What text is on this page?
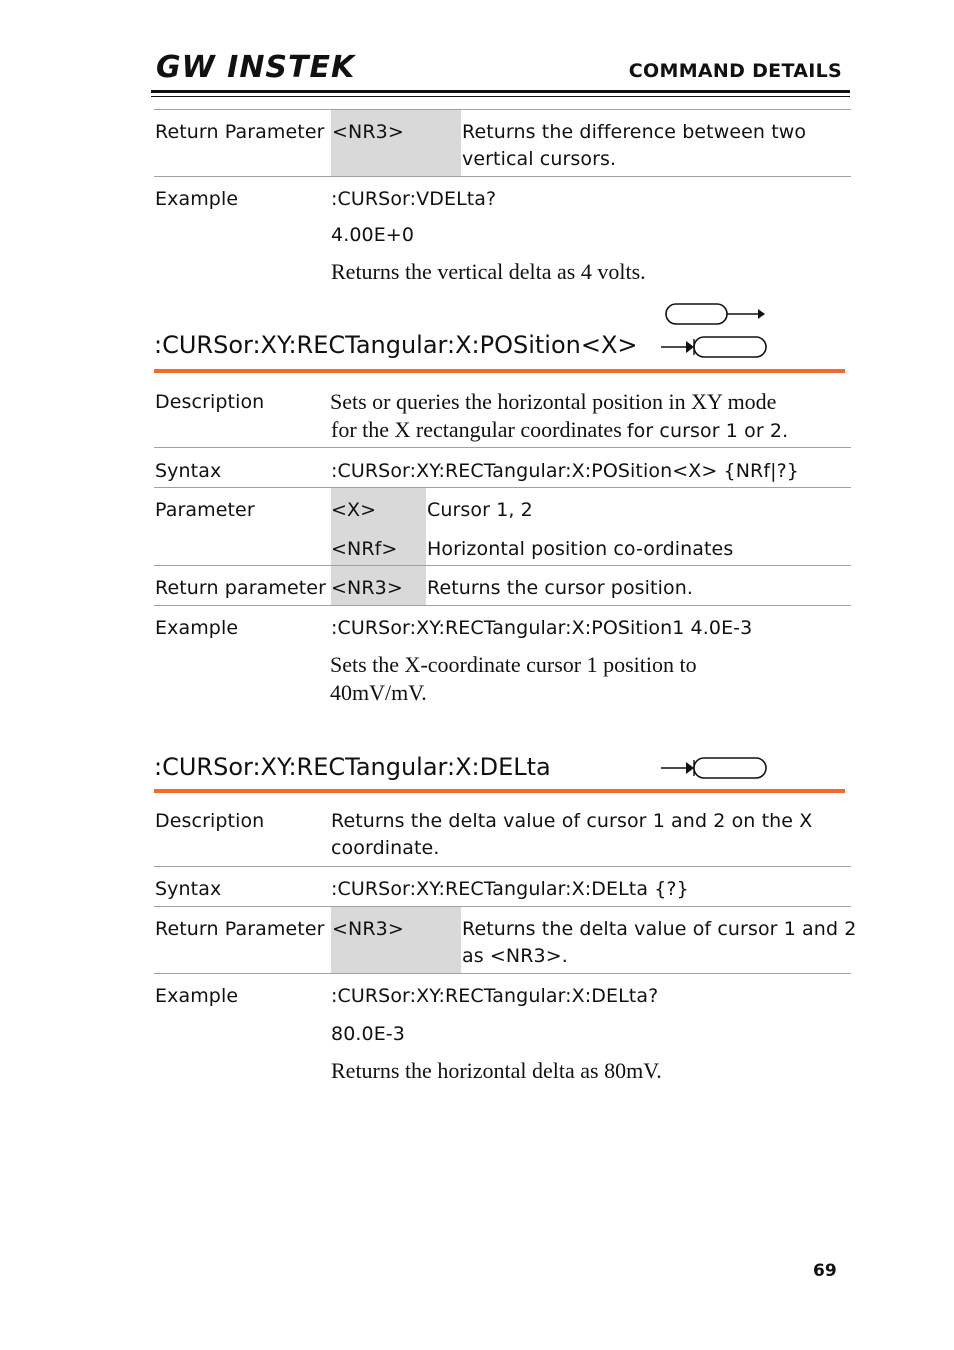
GW INSTEK	COMMAND DETAILS
Return Parameter <NR3>	Returns the difference between two
vertical cursors.
Example	:CURSor:VDELta?
4.00E+0
Returns the vertical delta as 4 volts.
:CURSor:XY:RECTangular:X:POSition<X>
Description	Sets or queries the horizontal position in XY mode
for the X rectangular coordinates for cursor 1 or 2.
Syntax	:CURSor:XY:RECTangular:X:POSition<X> {NRf|?}
Parameter	<X>	Cursor 1, 2
<NRf> Horizontal position co-ordinates
Return parameter <NR3> Returns the cursor position.
Example	:CURSor:XY:RECTangular:X:POSition1 4.0E-3
Sets the X-coordinate cursor 1 position to
40mV/mV.
:CURSor:XY:RECTangular:X:DELta
Description	Returns the delta value of cursor 1 and 2 on the X
coordinate.
Syntax	:CURSor:XY:RECTangular:X:DELta {?}
Return Parameter <NR3>	Returns the delta value of cursor 1 and 2
as <NR3>.
Example	:CURSor:XY:RECTangular:X:DELta?
80.0E-3
Returns the horizontal delta as 80mV.
69
